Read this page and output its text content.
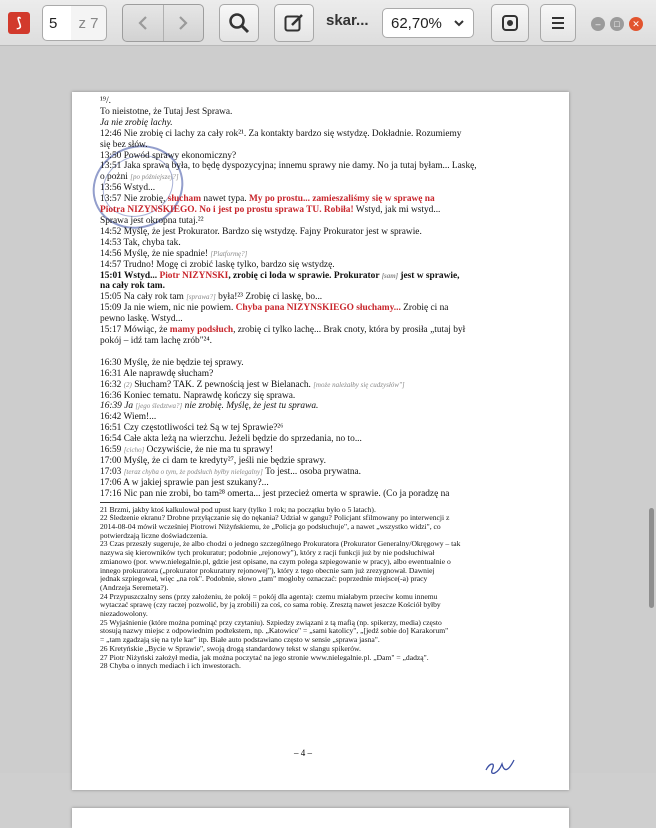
⟆	5	z 7	skar... 62,70%	– □ ✕
¹⁹/.
To nieistotne, że Tutaj Jest Sprawa.
Ja nie zrobię lachy.
12:46 Nie zrobię ci lachy za cały rok²¹. Za kontakty bardzo się wstydzę. Dokładnie. Rozumiemy
się bez słów.
13:50 Powód sprawy ekonomiczny?
13:51 Jaka sprawa była, to będę dyspozycyjna; innemu sprawy nie damy. No ja tutaj byłam... Laskę,
o pożni [po późniejszej?]
13:56 Wstyd...
13:57 Nie zrobię, słucham nawet typa. My po prostu... zamieszaliśmy się w sprawę na
Piotra NIŻYŃSKIEGO. No i jest po prostu sprawa TU. Robiła! Wstyd, jak mi wstyd...
Sprawa jest okropna tutaj.²²
14:52 Myślę, że jest Prokurator. Bardzo się wstydzę. Fajny Prokurator jest w sprawie.
14:53 Tak, chyba tak.
14:56 Myślę, że nie spadnie! [Platformę?]
14:57 Trudno! Mogę ci zrobić laskę tylko, bardzo się wstydzę.
15:01 Wstyd... Piotr NIŻYŃSKI, zrobię ci loda w sprawie. Prokurator [sam] jest w sprawie,
na cały rok tam.
15:05 Na cały rok tam [sprawa?] była!²³ Zrobię ci laskę, bo...
15:09 Ja nie wiem, nic nie powiem. Chyba pana NIŻYŃSKIEGO słuchamy... Zrobię ci na
pewno laskę. Wstyd...
15:17 Mówiąc, że mamy podsłuch, zrobię ci tylko lachę... Brak cnoty, która by prosiła „tutaj był
pokój – idź tam lachę zrób"²⁴.
16:30 Myślę, że nie będzie tej sprawy.
16:31 Ale naprawdę słucham?
16:32 (2) Słucham? TAK. Z pewnością jest w Bielanach. [może należałby się cudzysłów"]
16:36 Koniec tematu. Naprawdę kończy się sprawa.
16:39 Ja [jego śledztwa?] nie zrobię. Myślę, że jest tu sprawa.
16:42 Wiem!...
16:51 Czy częstotliwości też Są w tej Sprawie?²⁶
16:54 Całe akta leżą na wierzchu. Jeżeli będzie do sprzedania, no to...
16:59 [cicho] Oczywiście, że nie ma tu sprawy!
17:00 Myślę, że ci dam te kredyty²⁷, jeśli nie będzie sprawy.
17:03 [teraz chyba o tym, że podsłuch byłby nielegalny] To jest... osoba prywatna.
17:06 A w jakiej sprawie pan jest szukany?...
17:16 Nic pan nie zrobi, bo tam²⁸ omerta... jest przecież omerta w sprawie. (Co ja poradzę na
21 Brzmi, jakby ktoś kalkulował pod upust kary (tylko 1 rok; na początku było o 5 latach).
22 Śledzenie ekranu? Drobne przyłączanie się do nękania? Udział w gangu? Policjant sfilmowany po interwencji z
2014-08-04 mówił wcześniej Piotrowi Niżyńskiemu, że „Policja go podsłuchuje", a nawet „wszystko widzi", co
potwierdzają liczne doświadczenia.
23 Czas przeszły sugeruje, że albo chodzi o jednego szczególnego Prokuratora (Prokurator Generalny/Okręgowy – tak
nazywa się kierowników tych prokuratur; podobnie „rejonowy"), który z racji funkcji już by nie podsłuchiwał
zmianowo (por. www.nielegalnie.pl, gdzie jest opisane, na czym polega szpiegowanie w pracy), albo ewentualnie o
innego prokuratora („prokurator prokuratury rejonowej"), który z tego obecnie sam już zrezygnował. Dawniej
jednak szpiegował, więc „na rok". Podobnie, słowo „tam" mogłoby oznaczać: poprzednie miejsce(-a) pracy
(Andrzeja Seremeta?).
24 Przypuszczalny sens (przy założeniu, że pokój = pokój dla agenta): czemu miałabym przeciw komu innemu
wytaczać sprawę (czy raczej pozwolić, by ją zrobili) za coś, co sama robię. Zresztą nawet jeszcze Kościół byłby
niezadowolony.
25 Wyjaśnienie (które można pominąć przy czytaniu). Szpiedzy związani z tą mafią (np. spikerzy, media) często
stosują nazwy miejsc z odpowiednim podtekstem, np. „Katowice" = „sami katolicy", „[jedź sobie do] Karakorum"
= „tam zgadzają się na tyle kar" itp. Białe auto podstawiano często w sensie „sprawa jasna".
26 Kretyńskie „Bycie w Sprawie", swoją drogą standardowy tekst w slangu spikerów.
27 Piotr Niżyński założył media, jak można poczytać na jego stronie www.nielegalnie.pl. „Dam" = „dadzą".
28 Chyba o innych mediach i ich inwestorach.
– 4 –
